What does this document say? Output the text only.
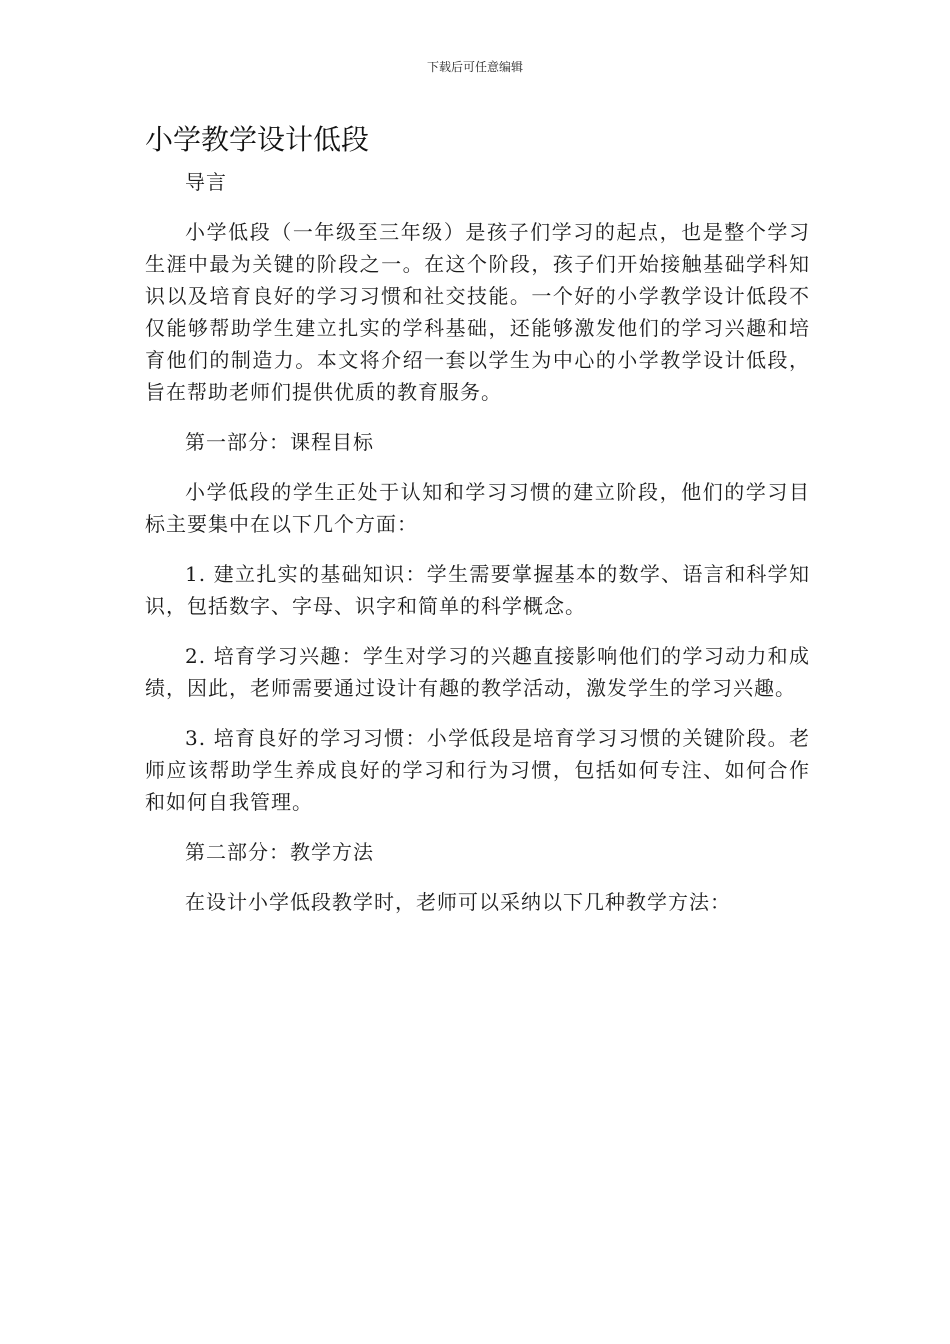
下载后可任意编辑
小学教学设计低段

导言

小学低段（一年级至三年级）是孩子们学习的起点，也是整个学习生涯中最为关键的阶段之一。在这个阶段，孩子们开始接触基础学科知识以及培育良好的学习习惯和社交技能。一个好的小学教学设计低段不仅能够帮助学生建立扎实的学科基础，还能够激发他们的学习兴趣和培育他们的制造力。本文将介绍一套以学生为中心的小学教学设计低段，旨在帮助老师们提供优质的教育服务。

第一部分：课程目标

小学低段的学生正处于认知和学习习惯的建立阶段，他们的学习目标主要集中在以下几个方面：

1. 建立扎实的基础知识：学生需要掌握基本的数学、语言和科学知识，包括数字、字母、识字和简单的科学概念。

2. 培育学习兴趣：学生对学习的兴趣直接影响他们的学习动力和成绩，因此，老师需要通过设计有趣的教学活动，激发学生的学习兴趣。

3. 培育良好的学习习惯：小学低段是培育学习习惯的关键阶段。老师应该帮助学生养成良好的学习和行为习惯，包括如何专注、如何合作和如何自我管理。

第二部分：教学方法

在设计小学低段教学时，老师可以采纳以下几种教学方法：
